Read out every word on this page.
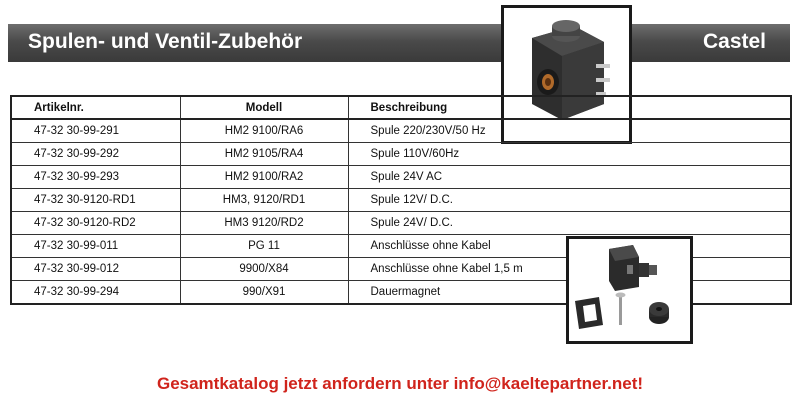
Spulen- und Ventil-Zubehör	Castel
Artikelnr.	Modell	Beschreibung
47-32 30-99-291	HM2 9100/RA6	Spule 220/230V/50 Hz
47-32 30-99-292	HM2 9105/RA4	Spule 110V/60Hz
47-32 30-99-293	HM2 9100/RA2	Spule 24V AC
47-32 30-9120-RD1	HM3, 9120/RD1	Spule 12V/ D.C.
47-32 30-9120-RD2	HM3 9120/RD2	Spule 24V/ D.C.
47-32 30-99-011	PG 11	Anschlüsse ohne Kabel
47-32 30-99-012	9900/X84	Anschlüsse ohne Kabel 1,5 m
47-32 30-99-294	990/X91	Dauermagnet
Gesamtkatalog jetzt anfordern unter info@kaeltepartner.net!
